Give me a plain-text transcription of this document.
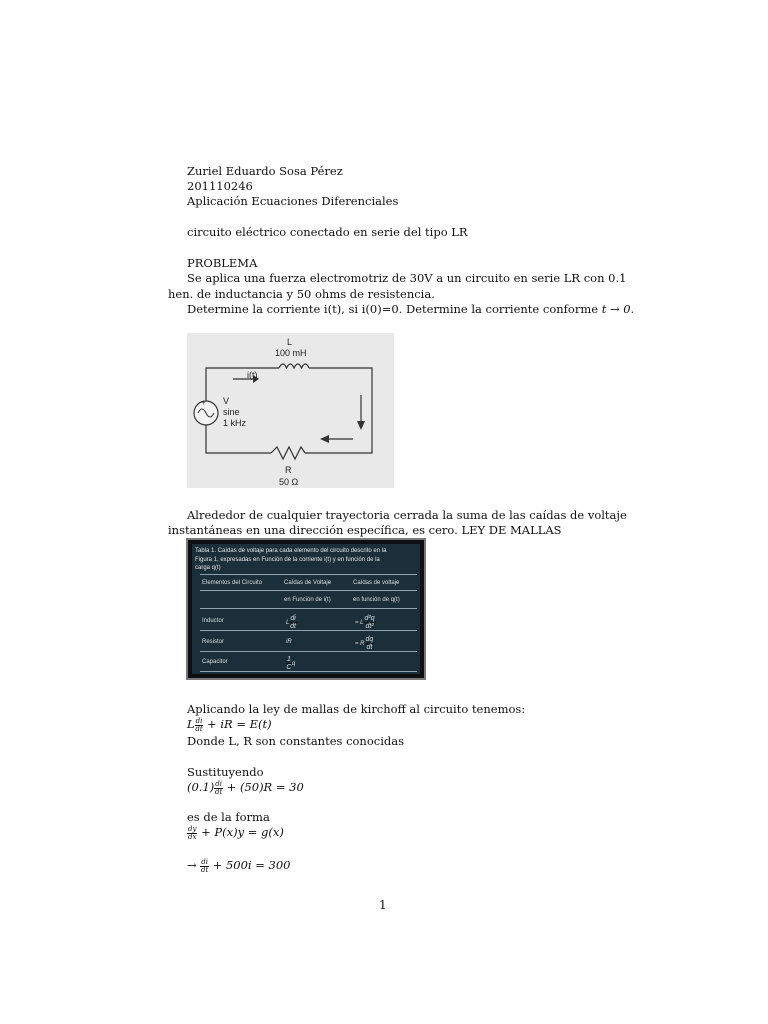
Zuriel Eduardo Sosa Pérez
201110246
Aplicación Ecuaciones Diferenciales
circuito eléctrico conectado en serie del tipo LR
PROBLEMA
Se aplica una fuerza electromotriz de 30V a un circuito en serie LR con 0.1
hen. de inductancia y 50 ohms de resistencia.
Determine la corriente i(t), si i(0)=0. Determine la corriente conforme t → 0.
+
L
100 mH
i(t)
V
sine
1 kHz
R
50 Ω
Alrededor de cualquier trayectoria cerrada la suma de las caídas de voltaje
instantáneas en una dirección específica, es cero. LEY DE MALLAS
Tabla 1. Caídas de voltaje para cada elemento del circuito descrito en la
Figura 1, expresadas en Función de la corriente i(t) y en función de la
carga q(t)
Elementos del Circuito	Caídas de Voltaje	Caídas de voltaje
en Función de i(t)	en función de q(t)
Inductor	L $\frac{di}{dt}$	= L $\frac{\text{d²q}}{\text{dt²}}$
Resistor	iR	= R $\frac{dq}{dt}$
Capacitor	$\frac{1}{C}$ q
Aplicando la ley de mallas de kirchoff al circuito tenemos:
L $\frac{di}{dt}$ + iR = E(t)
Donde L, R son constantes conocidas
Sustituyendo
$(0.1) \frac{di}{dt} + (50)R = 30$
es de la forma
$\frac{dy}{dx} + P(x)y = g(x)$
→ $\frac{di}{dt} + 500i = 300$
1
